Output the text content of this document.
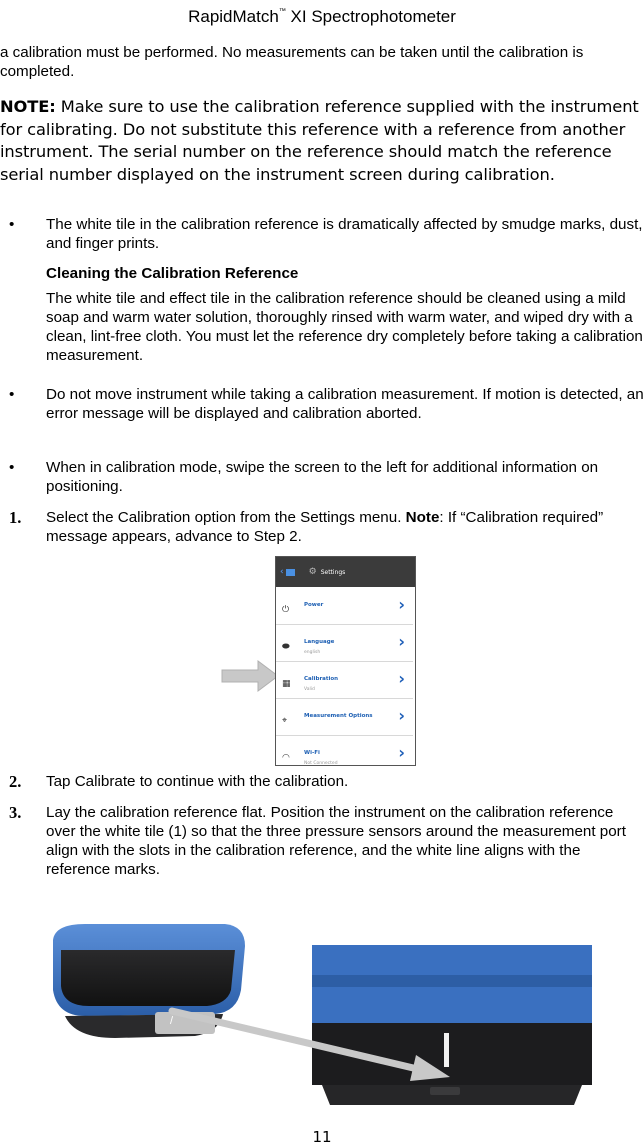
RapidMatch™ XI Spectrophotometer
a calibration must be performed. No measurements can be taken until the calibration is completed.
NOTE: Make sure to use the calibration reference supplied with the instrument for calibrating. Do not substitute this reference with a reference from another instrument. The serial number on the reference should match the reference serial number displayed on the instrument screen during calibration.
• The white tile in the calibration reference is dramatically affected by smudge marks, dust, and finger prints.
Cleaning the Calibration Reference
The white tile and effect tile in the calibration reference should be cleaned using a mild soap and warm water solution, thoroughly rinsed with warm water, and wiped dry with a clean, lint-free cloth. You must let the reference dry completely before taking a calibration measurement.
• Do not move instrument while taking a calibration measurement. If motion is detected, an error message will be displayed and calibration aborted.
• When in calibration mode, swipe the screen to the left for additional information on positioning.
1. Select the Calibration option from the Settings menu. Note: If “Calibration required” message appears, advance to Step 2.
‹	⚙ Settings
⏻	Power	›
⬬	Language
english
›
▦ Calibration
Valid
›
⌖	Measurement Options ›
◠	Wi-Fi
Not Connected
›
2. Tap Calibrate to continue with the calibration.
3. Lay the calibration reference flat. Position the instrument on the calibration reference over the white tile (1) so that the three pressure sensors around the measurement port align with the slots in the calibration reference, and the white line aligns with the reference marks.
/
11
